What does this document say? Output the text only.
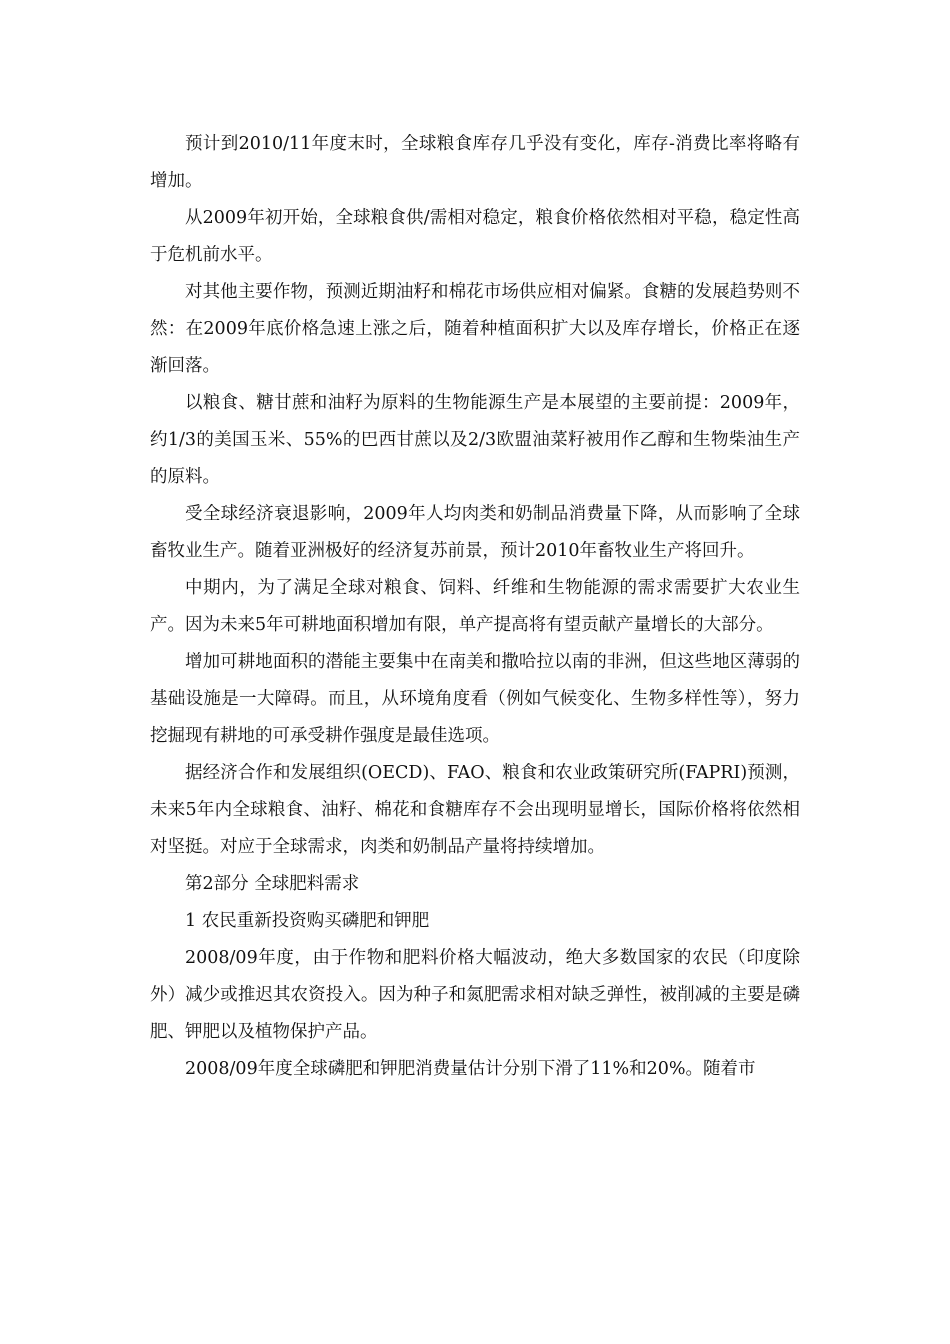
预计到2010/11年度末时，全球粮食库存几乎没有变化，库存-消费比率将略有增加。

从2009年初开始，全球粮食供/需相对稳定，粮食价格依然相对平稳，稳定性高于危机前水平。

对其他主要作物，预测近期油籽和棉花市场供应相对偏紧。食糖的发展趋势则不然：在2009年底价格急速上涨之后，随着种植面积扩大以及库存增长，价格正在逐渐回落。

以粮食、糖甘蔗和油籽为原料的生物能源生产是本展望的主要前提：2009年，约1/3的美国玉米、55%的巴西甘蔗以及2/3欧盟油菜籽被用作乙醇和生物柴油生产的原料。

受全球经济衰退影响，2009年人均肉类和奶制品消费量下降，从而影响了全球畜牧业生产。随着亚洲极好的经济复苏前景，预计2010年畜牧业生产将回升。

中期内，为了满足全球对粮食、饲料、纤维和生物能源的需求需要扩大农业生产。因为未来5年可耕地面积增加有限，单产提高将有望贡献产量增长的大部分。

增加可耕地面积的潜能主要集中在南美和撒哈拉以南的非洲，但这些地区薄弱的基础设施是一大障碍。而且，从环境角度看（例如气候变化、生物多样性等），努力挖掘现有耕地的可承受耕作强度是最佳选项。

据经济合作和发展组织(OECD)、FAO、粮食和农业政策研究所(FAPRI)预测，未来5年内全球粮食、油籽、棉花和食糖库存不会出现明显增长，国际价格将依然相对坚挺。对应于全球需求，肉类和奶制品产量将持续增加。

第2部分 全球肥料需求

1 农民重新投资购买磷肥和钾肥

2008/09年度，由于作物和肥料价格大幅波动，绝大多数国家的农民（印度除外）减少或推迟其农资投入。因为种子和氮肥需求相对缺乏弹性，被削减的主要是磷肥、钾肥以及植物保护产品。

2008/09年度全球磷肥和钾肥消费量估计分别下滑了11%和20%。随着市
